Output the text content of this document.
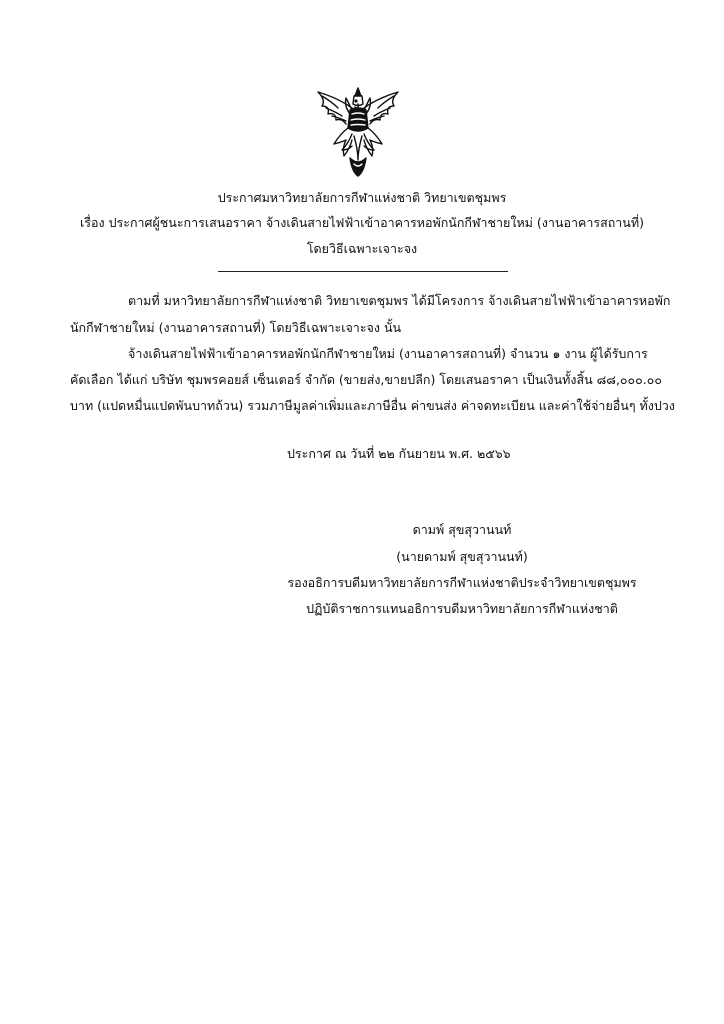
ประกาศมหาวิทยาลัยการกีฬาแห่งชาติ วิทยาเขตชุมพร
เรื่อง ประกาศผู้ชนะการเสนอราคา จ้างเดินสายไฟฟ้าเข้าอาคารหอพักนักกีฬาชายใหม่ (งานอาคารสถานที่)
โดยวิธีเฉพาะเจาะจง
ตามที่ มหาวิทยาลัยการกีฬาแห่งชาติ วิทยาเขตชุมพร ได้มีโครงการ จ้างเดินสายไฟฟ้าเข้าอาคารหอพัก
นักกีฬาชายใหม่ (งานอาคารสถานที่) โดยวิธีเฉพาะเจาะจง นั้น
จ้างเดินสายไฟฟ้าเข้าอาคารหอพักนักกีฬาชายใหม่ (งานอาคารสถานที่) จำนวน ๑ งาน ผู้ได้รับการ
คัดเลือก ได้แก่ บริษัท ชุมพรคอยส์ เซ็นเตอร์ จำกัด (ขายส่ง,ขายปลีก) โดยเสนอราคา เป็นเงินทั้งสิ้น ๘๘,๐๐๐.๐๐
บาท (แปดหมื่นแปดพันบาทถ้วน) รวมภาษีมูลค่าเพิ่มและภาษีอื่น ค่าขนส่ง ค่าจดทะเบียน และค่าใช้จ่ายอื่นๆ ทั้งปวง
ประกาศ ณ วันที่ ๒๒ กันยายน พ.ศ. ๒๕๖๖
ดามพ์ สุขสุวานนท์
(นายดามพ์ สุขสุวานนท์)
รองอธิการบดีมหาวิทยาลัยการกีฬาแห่งชาติประจำวิทยาเขตชุมพร
ปฏิบัติราชการแทนอธิการบดีมหาวิทยาลัยการกีฬาแห่งชาติ
